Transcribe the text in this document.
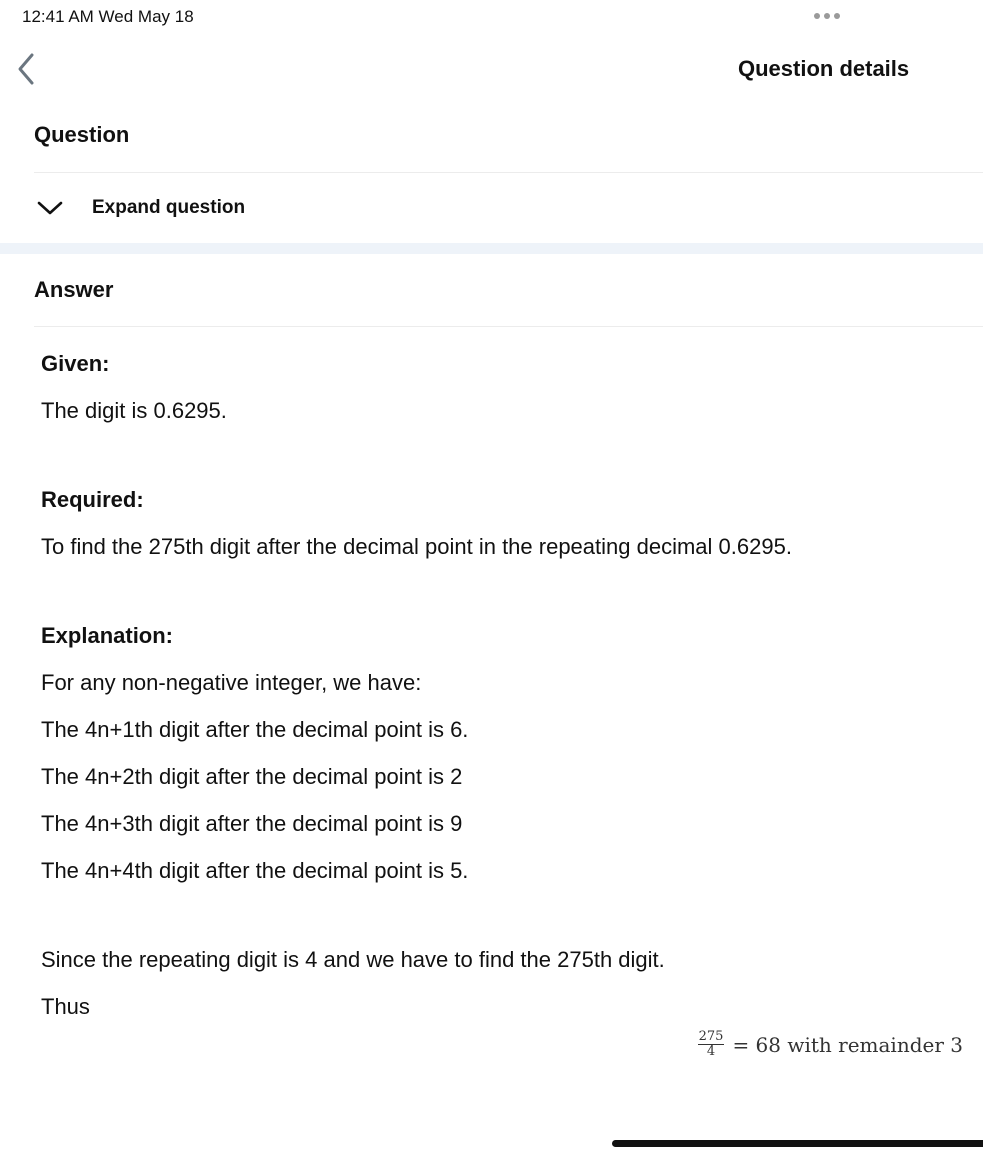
12:41 AM Wed May 18
Question details
Question
Expand question
Answer

Given:

The digit is 0.6295.

Required:

To find the 275th digit after the decimal point in the repeating decimal 0.6295.

Explanation:

For any non-negative integer, we have:

The 4n+1th digit after the decimal point is 6.

The 4n+2th digit after the decimal point is 2

The 4n+3th digit after the decimal point is 9

The 4n+4th digit after the decimal point is 5.

Since the repeating digit is 4 and we have to find the 275th digit.

Thus

$\frac{275}{4} = 68$ with remainder 3
